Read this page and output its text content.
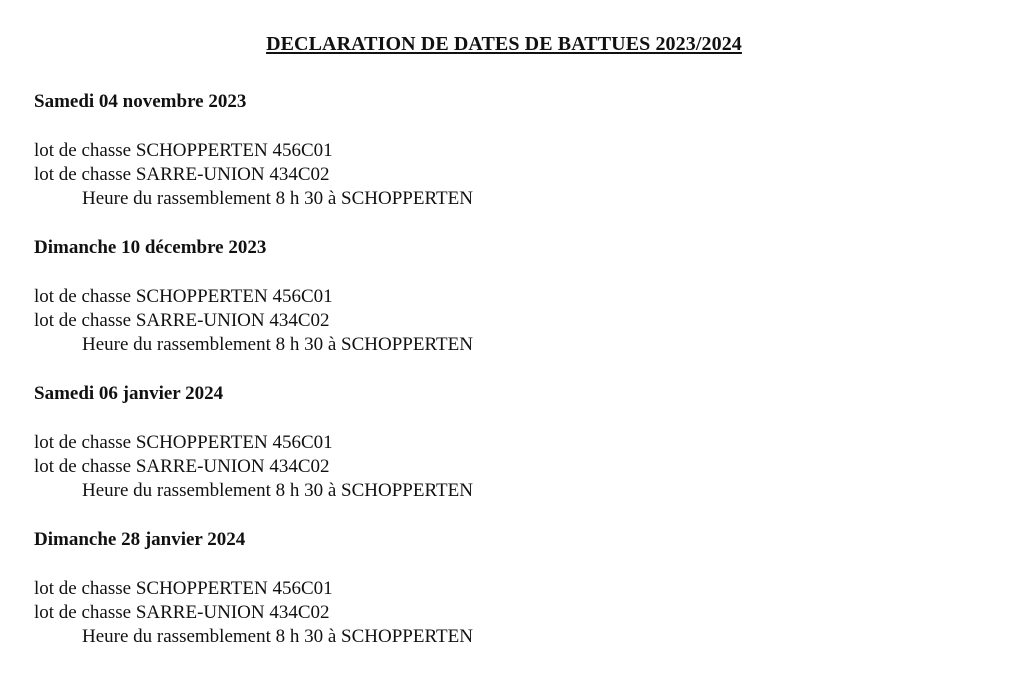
DECLARATION DE DATES DE BATTUES 2023/2024
Samedi 04 novembre 2023
lot de chasse SCHOPPERTEN 456C01
lot de chasse SARRE-UNION 434C02
Heure du rassemblement 8 h 30 à SCHOPPERTEN
Dimanche 10 décembre 2023
lot de chasse SCHOPPERTEN 456C01
lot de chasse SARRE-UNION 434C02
Heure du rassemblement 8 h 30 à SCHOPPERTEN
Samedi 06 janvier 2024
lot de chasse SCHOPPERTEN 456C01
lot de chasse SARRE-UNION 434C02
Heure du rassemblement 8 h 30 à SCHOPPERTEN
Dimanche 28 janvier 2024
lot de chasse SCHOPPERTEN 456C01
lot de chasse SARRE-UNION 434C02
Heure du rassemblement 8 h 30 à SCHOPPERTEN
